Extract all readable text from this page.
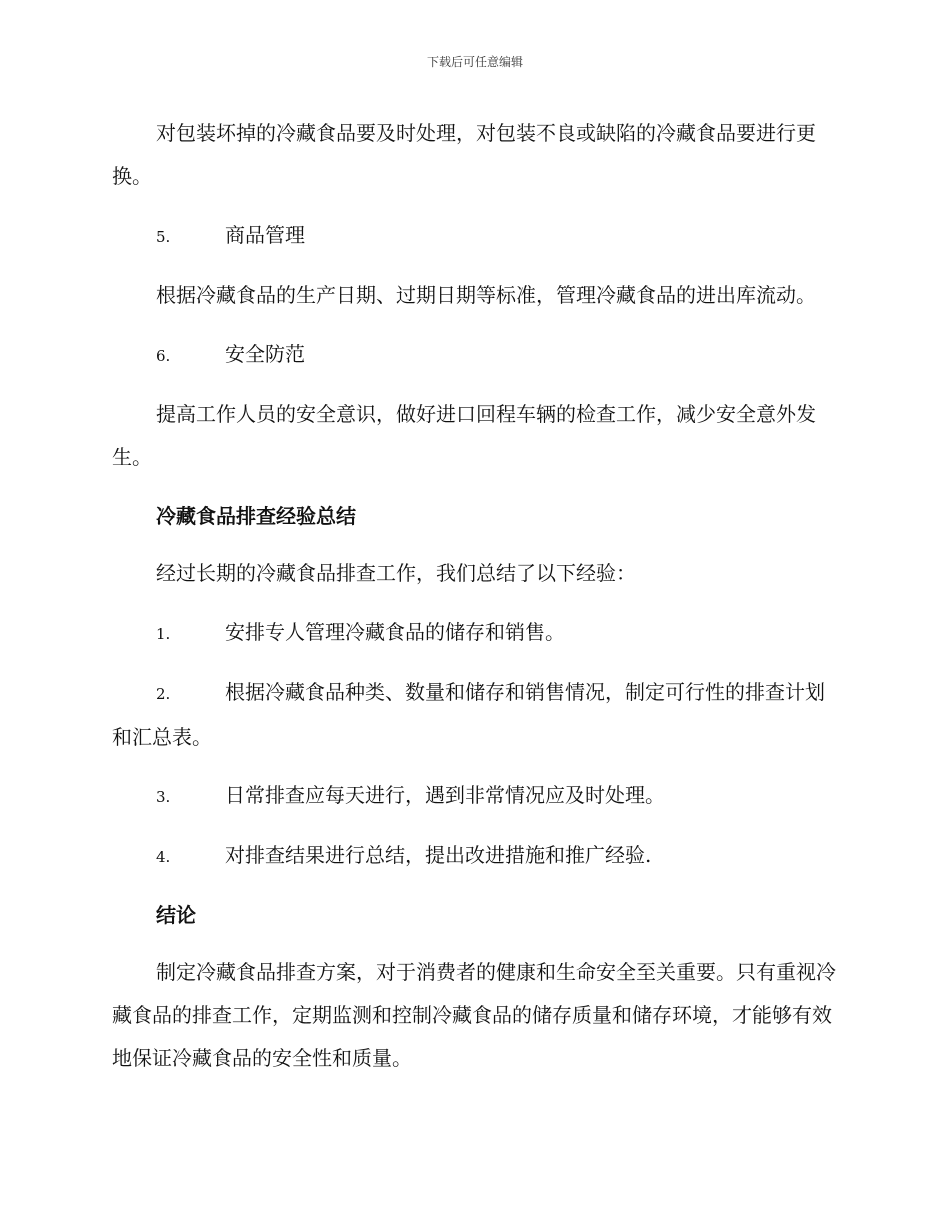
下载后可任意编辑

对包装坏掉的冷藏食品要及时处理，对包装不良或缺陷的冷藏食品要进行更换。

5.	商品管理

根据冷藏食品的生产日期、过期日期等标准，管理冷藏食品的进出库流动。

6.	安全防范

提高工作人员的安全意识，做好进口回程车辆的检查工作，减少安全意外发生。

冷藏食品排查经验总结

经过长期的冷藏食品排查工作，我们总结了以下经验：

1.	安排专人管理冷藏食品的储存和销售。
2.	根据冷藏食品种类、数量和储存和销售情况，制定可行性的排查计划和汇总表。
3.	日常排查应每天进行，遇到非常情况应及时处理。
4.	对排查结果进行总结，提出改进措施和推广经验.
结论

制定冷藏食品排查方案，对于消费者的健康和生命安全至关重要。只有重视冷藏食品的排查工作，定期监测和控制冷藏食品的储存质量和储存环境，才能够有效地保证冷藏食品的安全性和质量。
